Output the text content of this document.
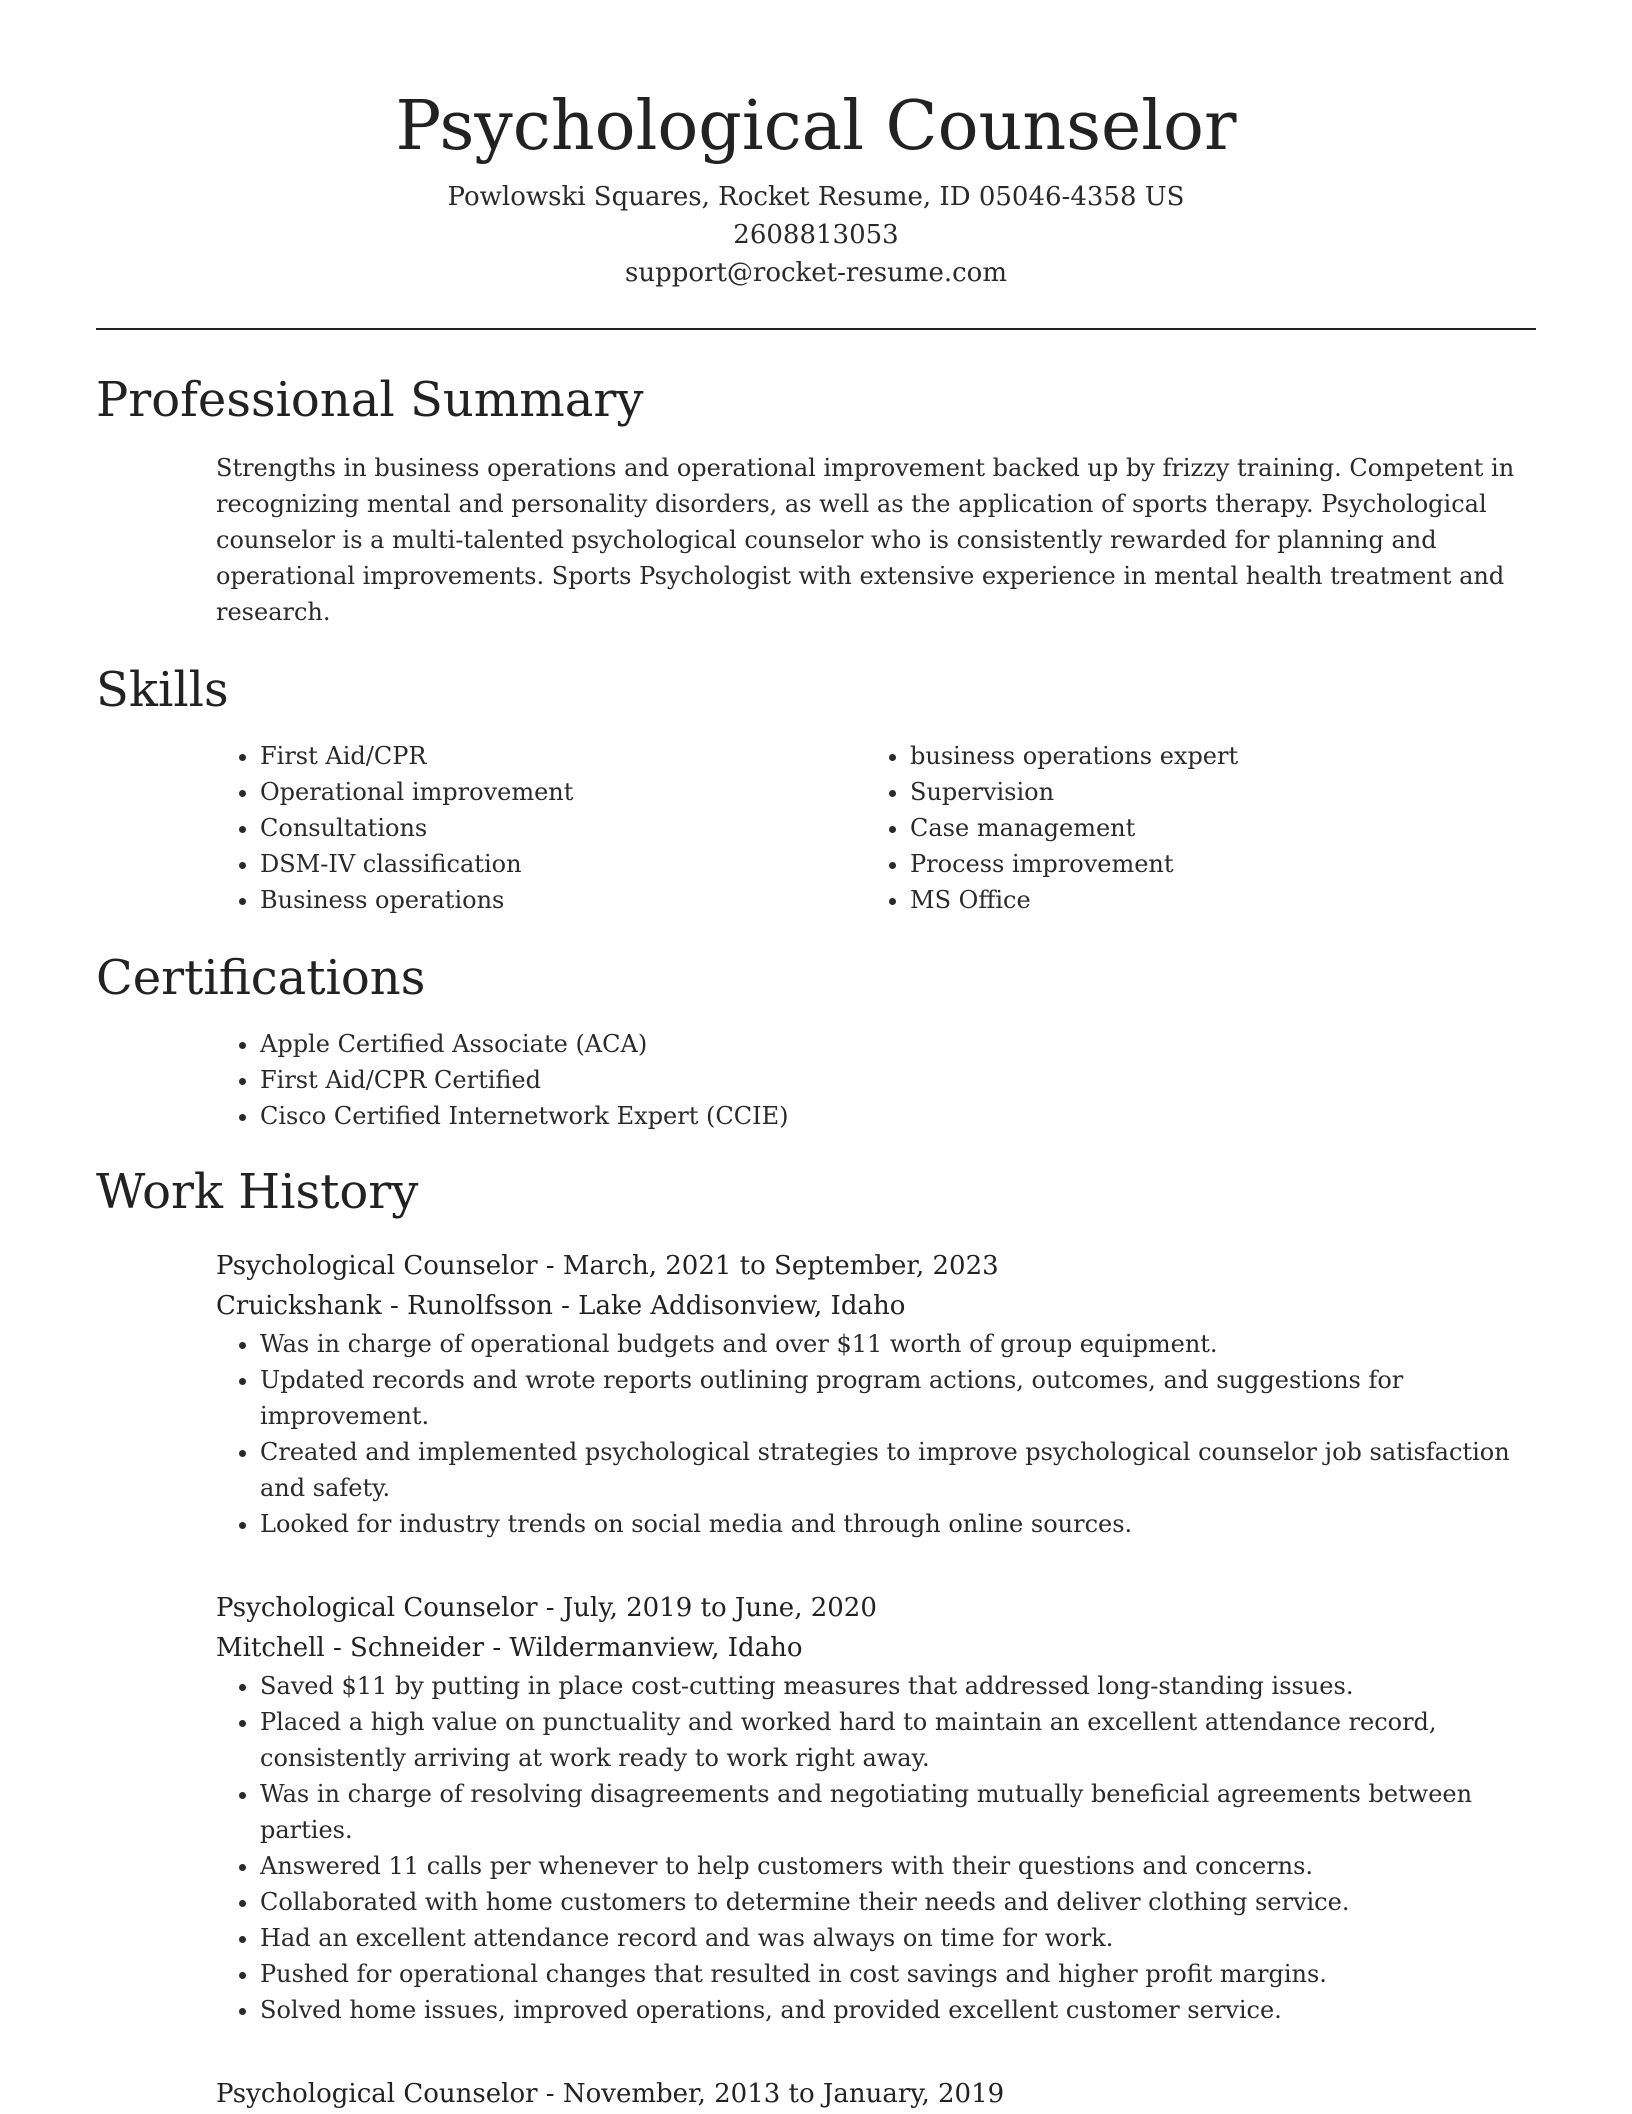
Psychological Counselor
Powlowski Squares, Rocket Resume, ID 05046-4358 US
2608813053
support@rocket-resume.com
Professional Summary
Strengths in business operations and operational improvement backed up by frizzy training. Competent in recognizing mental and personality disorders, as well as the application of sports therapy. Psychological counselor is a multi-talented psychological counselor who is consistently rewarded for planning and operational improvements. Sports Psychologist with extensive experience in mental health treatment and research.
Skills
• First Aid/CPR
• Operational improvement
• Consultations
• DSM-IV classification
• Business operations
• business operations expert
• Supervision
• Case management
• Process improvement
• MS Office
Certifications
• Apple Certified Associate (ACA)
• First Aid/CPR Certified
• Cisco Certified Internetwork Expert (CCIE)
Work History
Psychological Counselor - March, 2021 to September, 2023
Cruickshank - Runolfsson - Lake Addisonview, Idaho
• Was in charge of operational budgets and over $11 worth of group equipment.
• Updated records and wrote reports outlining program actions, outcomes, and suggestions for improvement.
• Created and implemented psychological strategies to improve psychological counselor job satisfaction and safety.
• Looked for industry trends on social media and through online sources.
Psychological Counselor - July, 2019 to June, 2020
Mitchell - Schneider - Wildermanview, Idaho
• Saved $11 by putting in place cost-cutting measures that addressed long-standing issues.
• Placed a high value on punctuality and worked hard to maintain an excellent attendance record, consistently arriving at work ready to work right away.
• Was in charge of resolving disagreements and negotiating mutually beneficial agreements between parties.
• Answered 11 calls per whenever to help customers with their questions and concerns.
• Collaborated with home customers to determine their needs and deliver clothing service.
• Had an excellent attendance record and was always on time for work.
• Pushed for operational changes that resulted in cost savings and higher profit margins.
• Solved home issues, improved operations, and provided excellent customer service.
Psychological Counselor - November, 2013 to January, 2019
